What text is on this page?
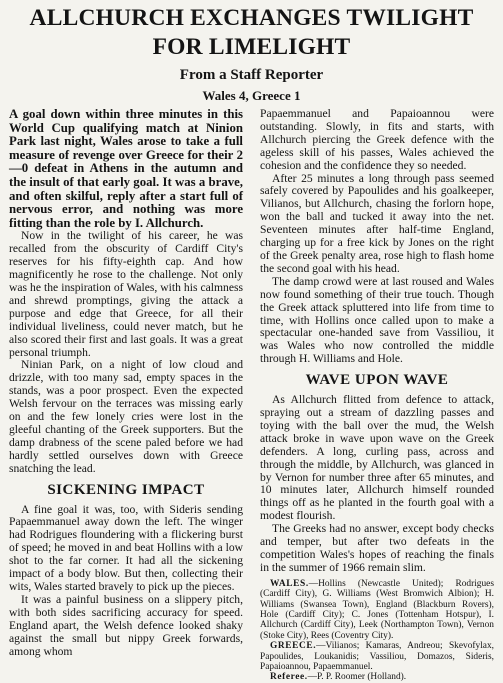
ALLCHURCH EXCHANGES TWILIGHT
FOR LIMELIGHT
From a Staff Reporter
Wales 4, Greece 1

A goal down within three minutes in this World Cup qualifying match at Ninion Park last night, Wales arose to take a full measure of revenge over Greece for their 2—0 defeat in Athens in the autumn and the insult of that early goal. It was a brave, and often skilful, reply after a start full of nervous error, and nothing was more fitting than the role by I. Allchurch.

Now in the twilight of his career, he was recalled from the obscurity of Cardiff City's reserves for his fifty-eighth cap. And how magnificently he rose to the challenge. Not only was he the inspiration of Wales, with his calmness and shrewd promptings, giving the attack a purpose and edge that Greece, for all their individual liveliness, could never match, but he also scored their first and last goals. It was a great personal triumph.

Ninian Park, on a night of low cloud and drizzle, with too many sad, empty spaces in the stands, was a poor prospect. Even the expected Welsh fervour on the terraces was missing early on and the few lonely cries were lost in the gleeful chanting of the Greek supporters. But the damp drabness of the scene paled before we had hardly settled ourselves down with Greece snatching the lead.

SICKENING IMPACT

A fine goal it was, too, with Sideris sending Papaemmanuel away down the left. The winger had Rodrigues floundering with a flickering burst of speed; he moved in and beat Hollins with a low shot to the far corner. It had all the sickening impact of a body blow. But then, collecting their wits, Wales started bravely to pick up the pieces.

It was a painful business on a slippery pitch, with both sides sacrificing accuracy for speed. England apart, the Welsh defence looked shaky against the small but nippy Greek forwards, among whom

Papaemmanuel and Papaioannou were outstanding. Slowly, in fits and starts, with Allchurch piercing the Greek defence with the ageless skill of his passes, Wales achieved the cohesion and the confidence they so needed.

After 25 minutes a long through pass seemed safely covered by Papoulides and his goalkeeper, Vilianos, but Allchurch, chasing the forlorn hope, won the ball and tucked it away into the net. Seventeen minutes after half-time England, charging up for a free kick by Jones on the right of the Greek penalty area, rose high to flash home the second goal with his head.

The damp crowd were at last roused and Wales now found something of their true touch. Though the Greek attack spluttered into life from time to time, with Hollins once called upon to make a spectacular one-handed save from Vassiliou, it was Wales who now controlled the middle through H. Williams and Hole.

WAVE UPON WAVE

As Allchurch flitted from defence to attack, spraying out a stream of dazzling passes and toying with the ball over the mud, the Welsh attack broke in wave upon wave on the Greek defenders. A long, curling pass, across and through the middle, by Allchurch, was glanced in by Vernon for number three after 65 minutes, and 10 minutes later, Allchurch himself rounded things off as he planted in the fourth goal with a modest flourish.

The Greeks had no answer, except body checks and temper, but after two defeats in the competition Wales's hopes of reaching the finals in the summer of 1966 remain slim.

WALES.—Hollins (Newcastle United); Rodrigues (Cardiff City), G. Williams (West Bromwich Albion); H. Williams (Swansea Town), England (Blackburn Rovers), Hole (Cardiff City); C. Jones (Tottenham Hotspur), I. Allchurch (Cardiff City), Leek (Northampton Town), Vernon (Stoke City), Rees (Coventry City).

GREECE.—Vilianos; Kamaras, Andreou; Skevofylax, Papoulides, Loukanidis; Vassiliou, Domazos, Sideris, Papaioannou, Papaemmanuel.

Referee.—P. P. Roomer (Holland).
